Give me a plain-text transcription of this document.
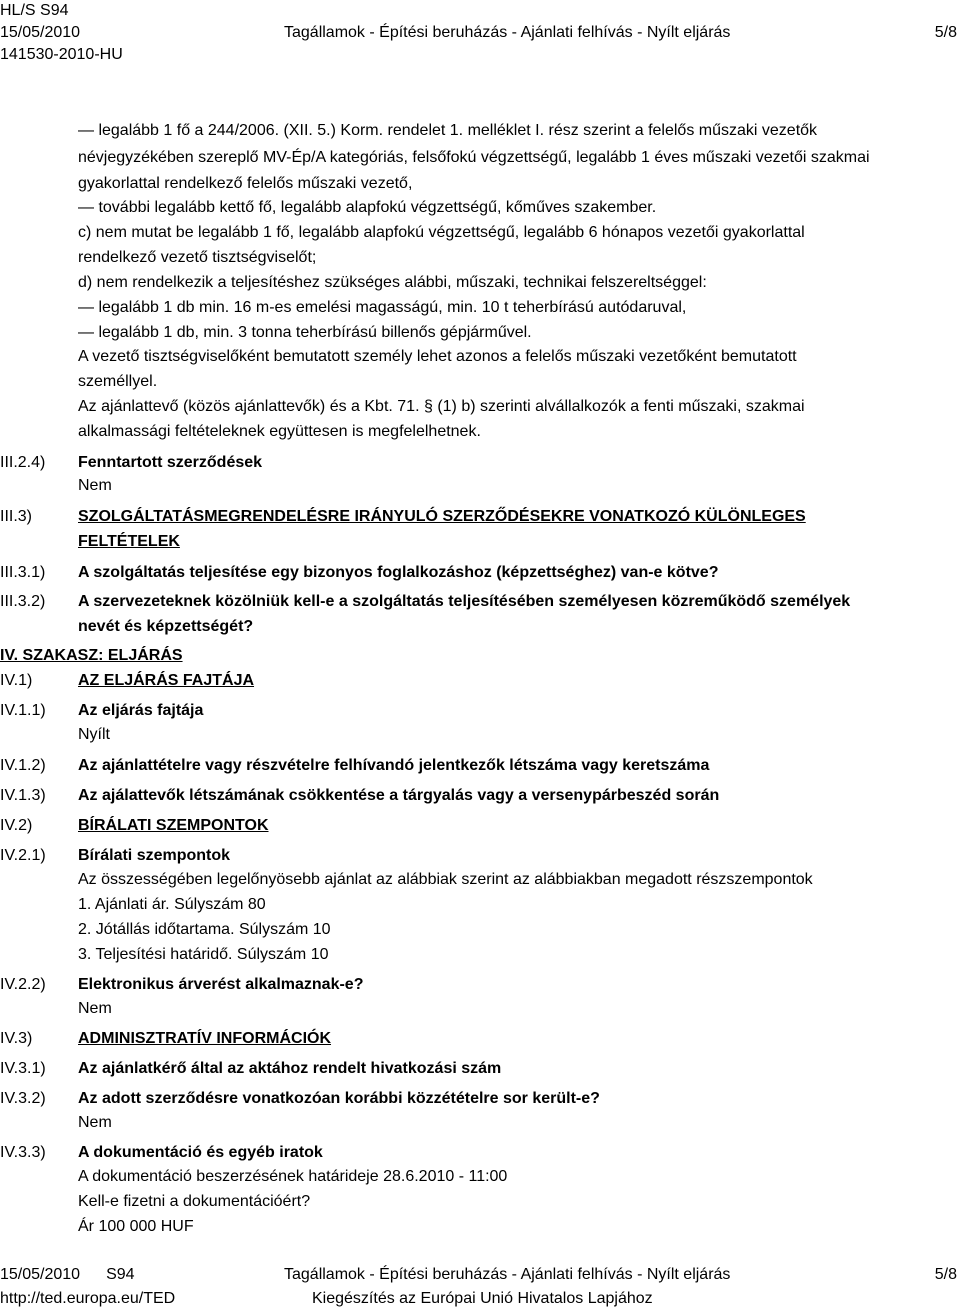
HL/S S94
15/05/2010
141530-2010-HU
Tagállamok - Építési beruházás - Ajánlati felhívás - Nyílt eljárás	5/8
— legalább 1 fő a 244/2006. (XII. 5.) Korm. rendelet 1. melléklet I. rész szerint a felelős műszaki vezetők
névjegyzékében szereplő MV-Ép/A kategóriás, felsőfokú végzettségű, legalább 1 éves műszaki vezetői szakmai
gyakorlattal rendelkező felelős műszaki vezető,
— további legalább kettő fő, legalább alapfokú végzettségű, kőműves szakember.
c) nem mutat be legalább 1 fő, legalább alapfokú végzettségű, legalább 6 hónapos vezetői gyakorlattal
rendelkező vezető tisztségviselőt;
d) nem rendelkezik a teljesítéshez szükséges alábbi, műszaki, technikai felszereltséggel:
— legalább 1 db min. 16 m-es emelési magasságú, min. 10 t teherbírású autódaruval,
— legalább 1 db, min. 3 tonna teherbírású billenős gépjárművel.
A vezető tisztségviselőként bemutatott személy lehet azonos a felelős műszaki vezetőként bemutatott
személlyel.
Az ajánlattevő (közös ajánlattevők) és a Kbt. 71. § (1) b) szerinti alvállalkozók a fenti műszaki, szakmai
alkalmassági feltételeknek együttesen is megfelelhetnek.
III.2.4) Fenntartott szerződések
Nem
III.3)	SZOLGÁLTATÁSMEGRENDELÉSRE IRÁNYULÓ SZERZŐDÉSEKRE VONATKOZÓ KÜLÖNLEGES
FELTÉTELEK
III.3.1) A szolgáltatás teljesítése egy bizonyos foglalkozáshoz (képzettséghez) van-e kötve?
III.3.2) A szervezeteknek közölniük kell-e a szolgáltatás teljesítésében személyesen közreműködő személyek
nevét és képzettségét?
IV. SZAKASZ: ELJÁRÁS
IV.1)	AZ ELJÁRÁS FAJTÁJA
IV.1.1) Az eljárás fajtája
Nyílt
IV.1.2) Az ajánlattételre vagy részvételre felhívandó jelentkezők létszáma vagy keretszáma
IV.1.3) Az ajálattevők létszámának csökkentése a tárgyalás vagy a versenypárbeszéd során
IV.2)	BÍRÁLATI SZEMPONTOK
IV.2.1) Bírálati szempontok
Az összességében legelőnyösebb ajánlat az alábbiak szerint az alábbiakban megadott részszempontok
1. Ajánlati ár. Súlyszám 80
2. Jótállás időtartama. Súlyszám 10
3. Teljesítési határidő. Súlyszám 10
IV.2.2) Elektronikus árverést alkalmaznak-e?
Nem
IV.3)	ADMINISZTRATÍV INFORMÁCIÓK
IV.3.1) Az ajánlatkérő által az aktához rendelt hivatkozási szám
IV.3.2) Az adott szerződésre vonatkozóan korábbi közzétételre sor került-e?
Nem
IV.3.3) A dokumentáció és egyéb iratok
A dokumentáció beszerzésének határideje 28.6.2010 - 11:00
Kell-e fizetni a dokumentációért?
Ár 100 000 HUF
15/05/2010 S94
http://ted.europa.eu/TED
Tagállamok - Építési beruházás - Ajánlati felhívás - Nyílt eljárás
Kiegészítés az Európai Unió Hivatalos Lapjához
5/8
